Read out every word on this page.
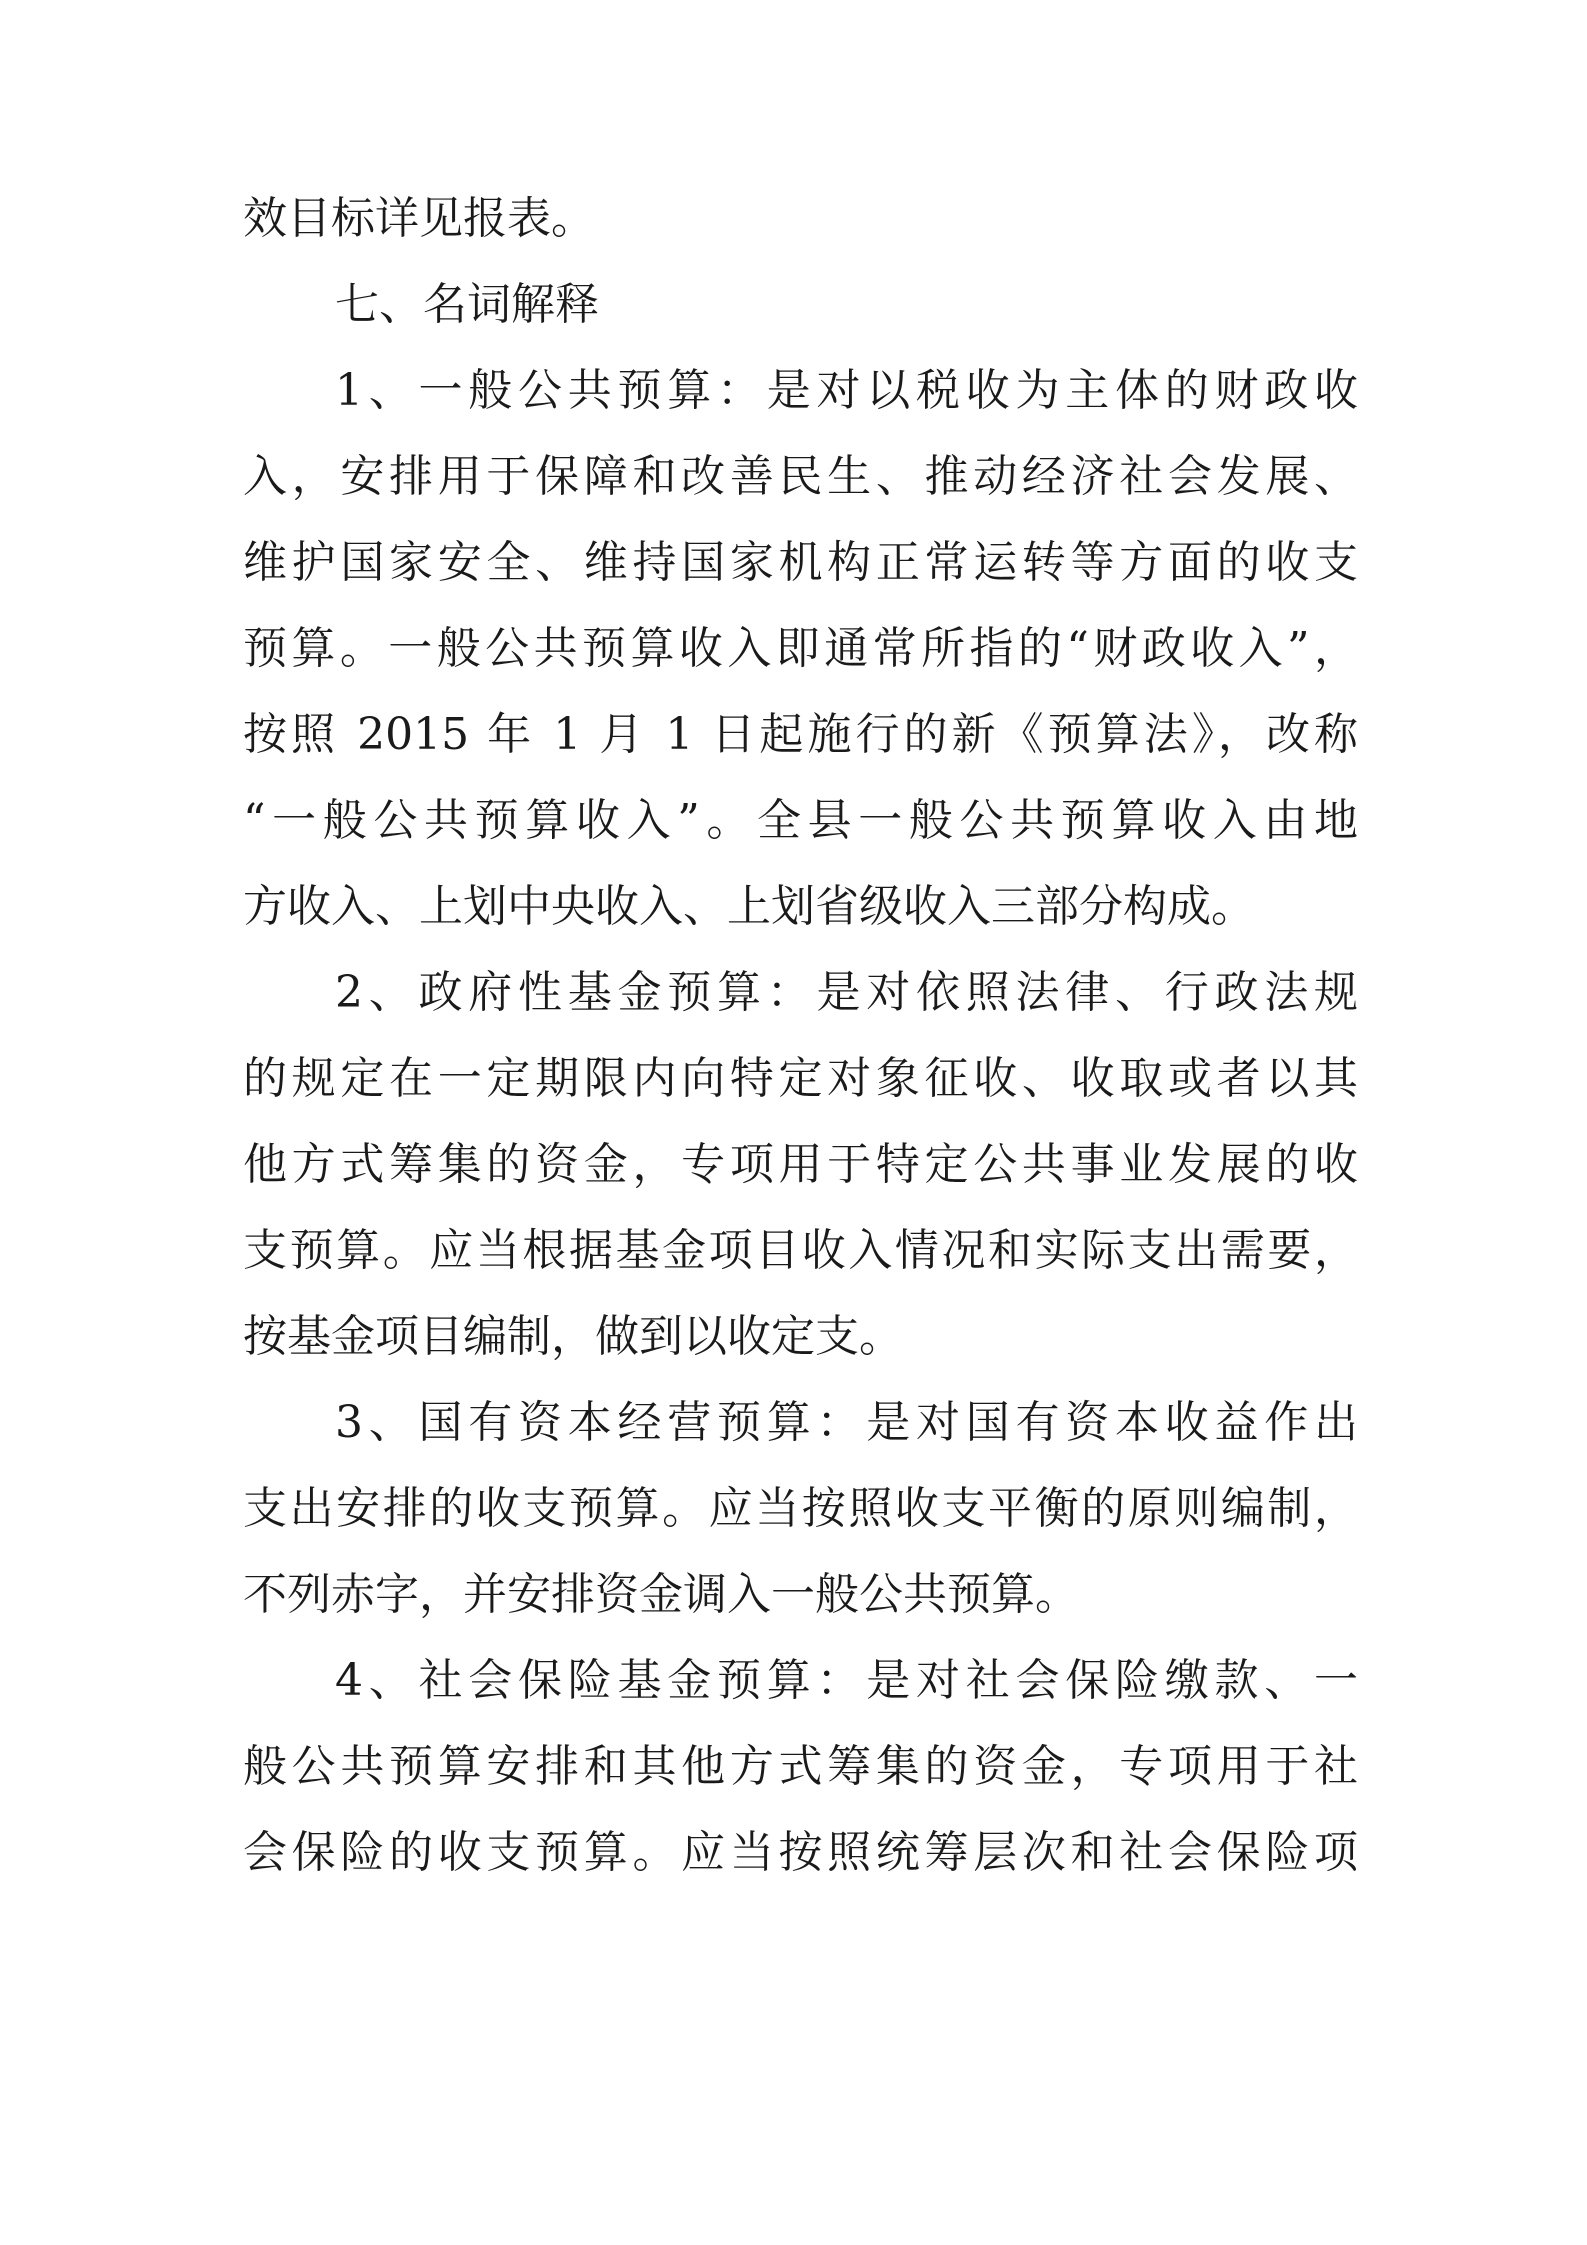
效目标详见报表。
七、名词解释
1、一般公共预算：是对以税收为主体的财政收
入，安排用于保障和改善民生、推动经济社会发展、
维护国家安全、维持国家机构正常运转等方面的收支
预算。一般公共预算收入即通常所指的“财政收入”，
按照 2015 年 1 月 1 日起施行的新《预算法》，改称
“一般公共预算收入”。全县一般公共预算收入由地
方收入、上划中央收入、上划省级收入三部分构成。
2、政府性基金预算：是对依照法律、行政法规
的规定在一定期限内向特定对象征收、收取或者以其
他方式筹集的资金，专项用于特定公共事业发展的收
支预算。应当根据基金项目收入情况和实际支出需要，
按基金项目编制，做到以收定支。
3、国有资本经营预算：是对国有资本收益作出
支出安排的收支预算。应当按照收支平衡的原则编制，
不列赤字，并安排资金调入一般公共预算。
4、社会保险基金预算：是对社会保险缴款、一
般公共预算安排和其他方式筹集的资金，专项用于社
会保险的收支预算。应当按照统筹层次和社会保险项
